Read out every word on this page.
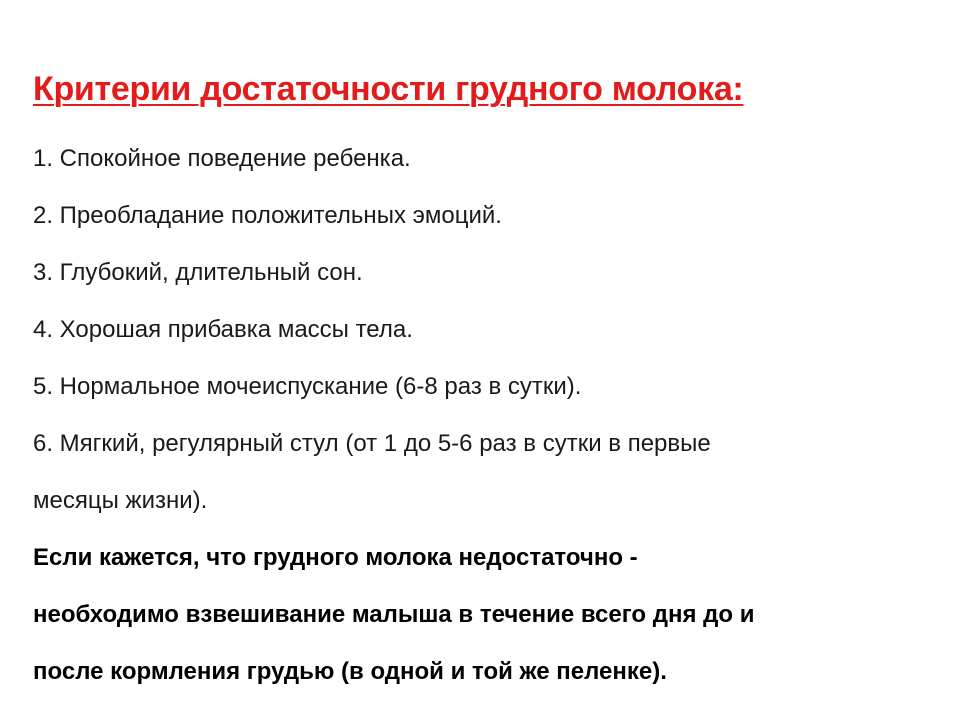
Критерии достаточности грудного молока:

1. Спокойное поведение ребенка.

2. Преобладание положительных эмоций.

3. Глубокий, длительный сон.

4. Хорошая прибавка массы тела.

5. Нормальное мочеиспускание (6-8 раз в сутки).

6. Мягкий, регулярный стул (от 1 до 5-6 раз в сутки в первые

месяцы жизни).

Если кажется, что грудного молока недостаточно -

необходимо взвешивание малыша в течение всего дня до и

после кормления грудью (в одной и той же пеленке).
